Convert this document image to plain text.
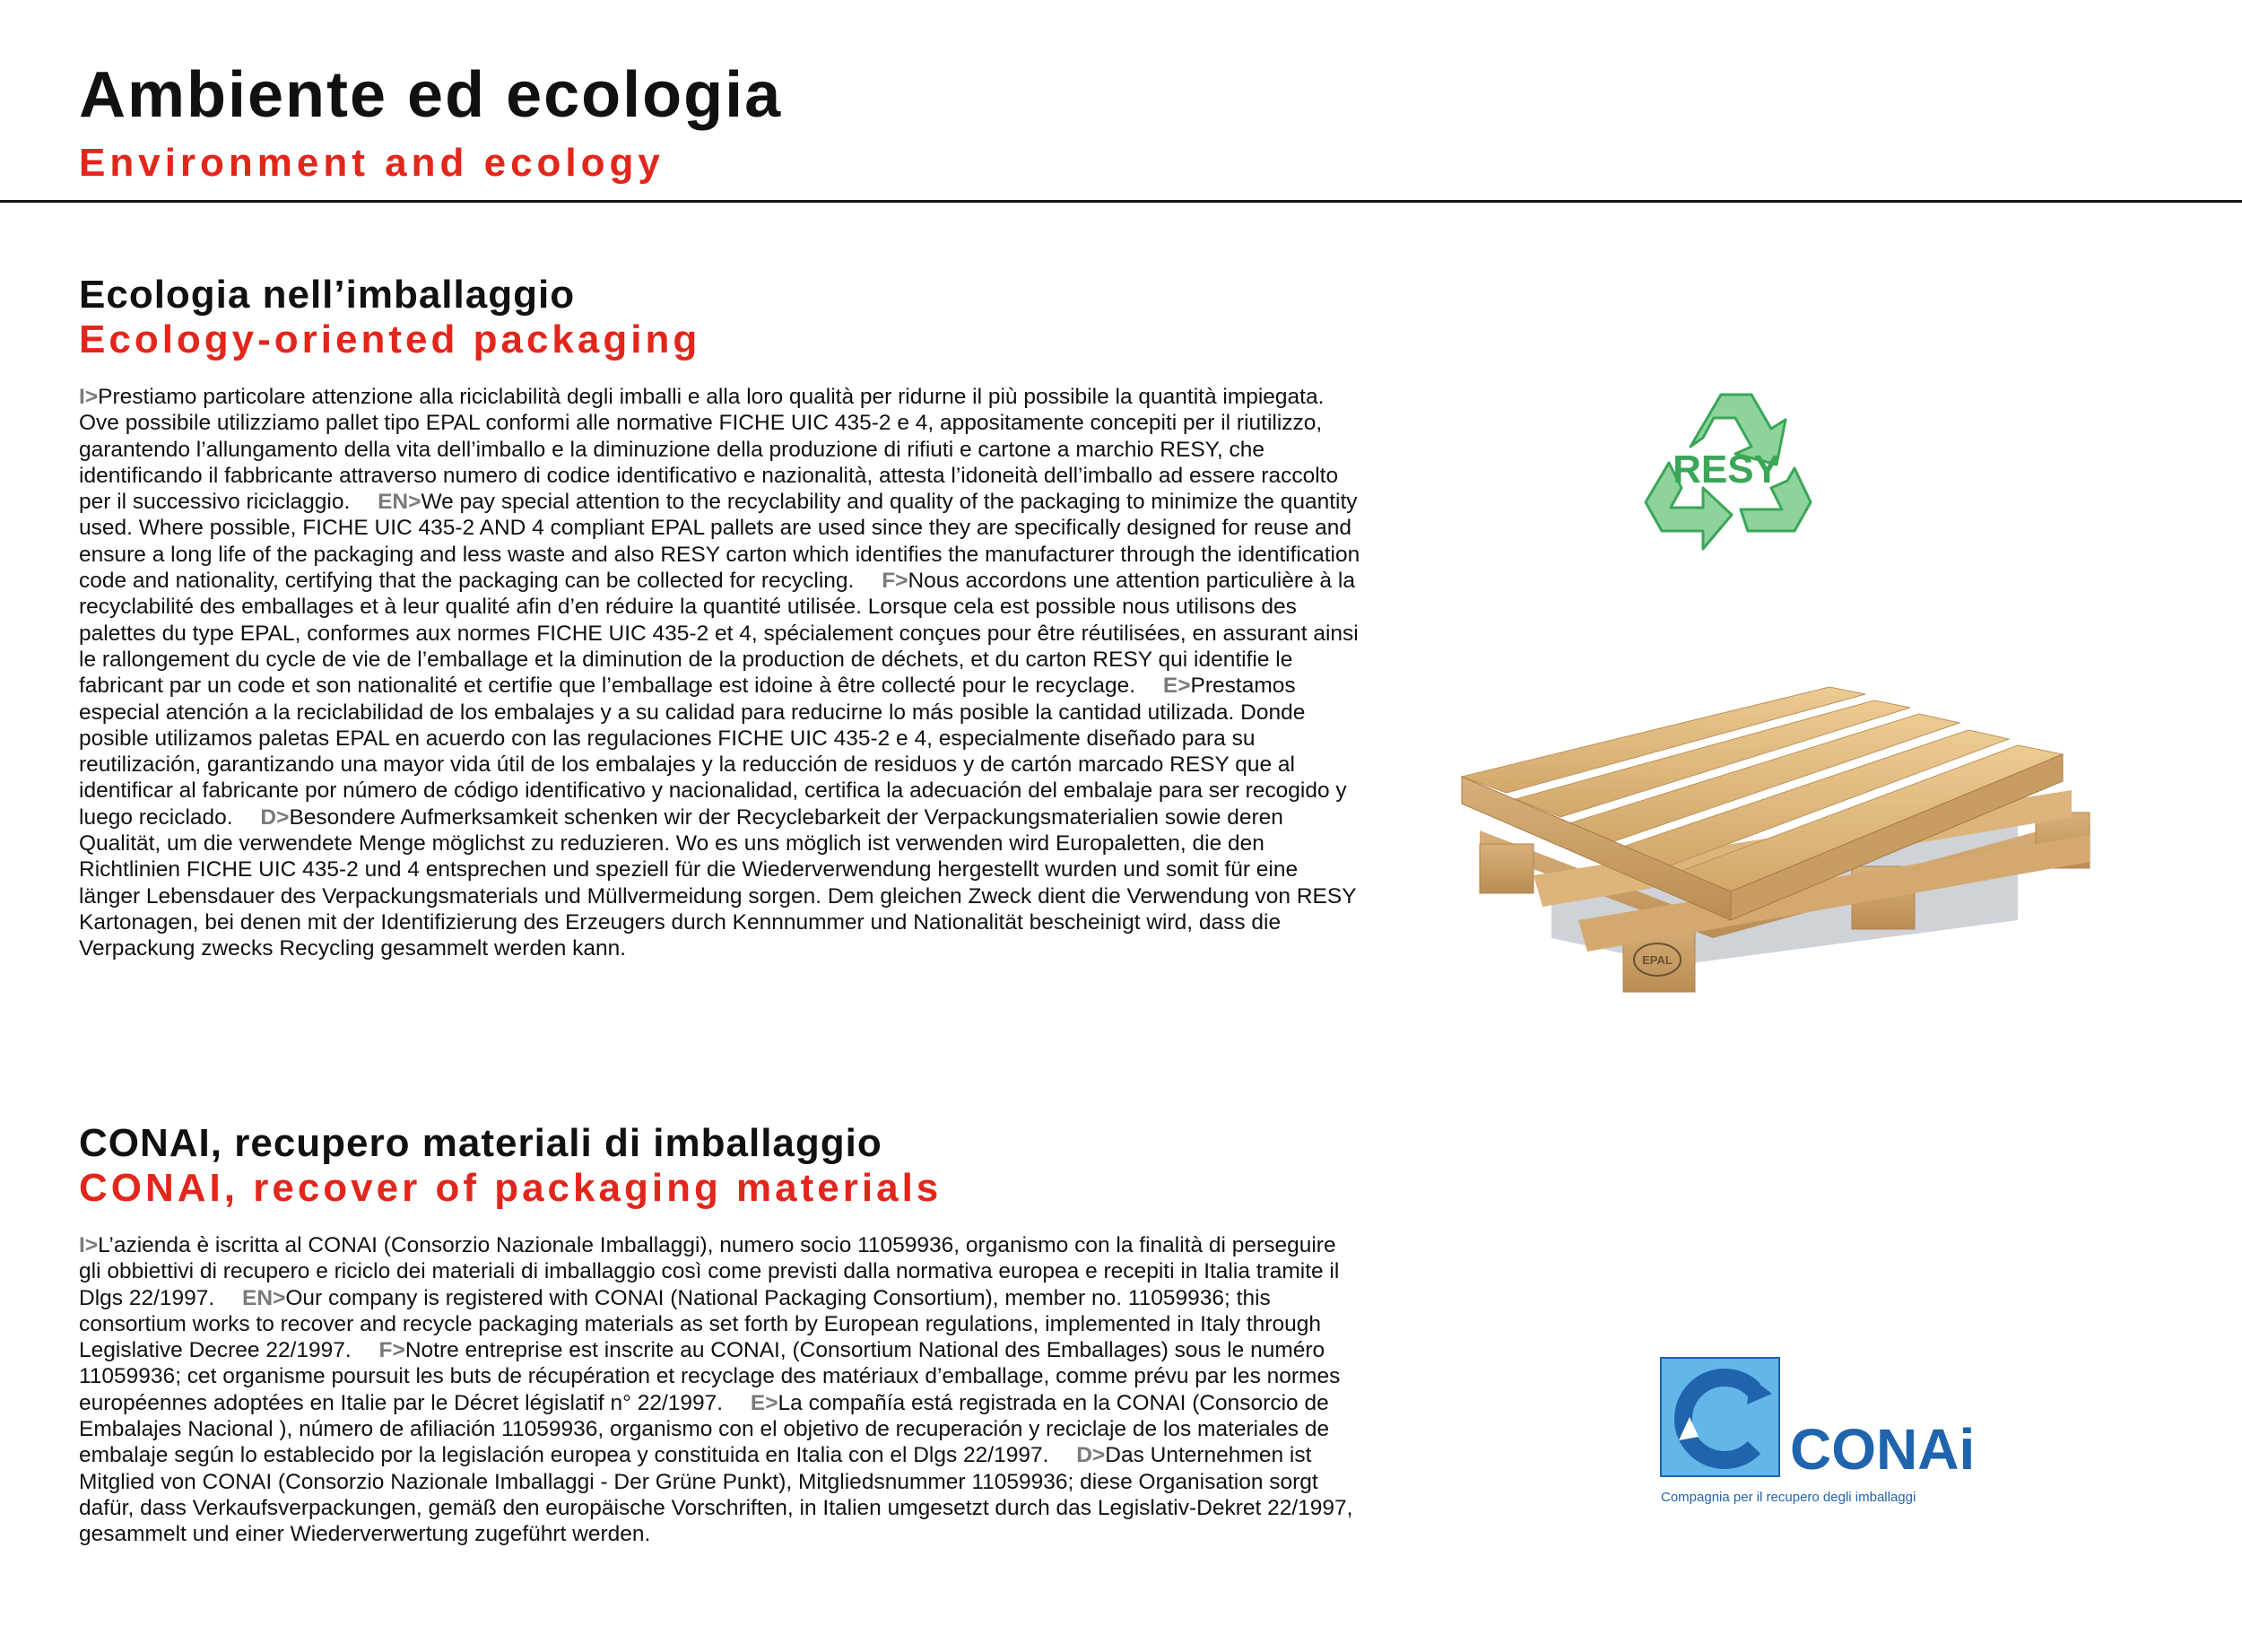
Ambiente ed ecologia
Environment and ecology
Ecologia nell’imballaggio
Ecology-oriented packaging

I>Prestiamo particolare attenzione alla riciclabilità degli imballi e alla loro qualità per ridurne il più possibile la quantità impiegata. Ove possibile utilizziamo pallet tipo EPAL conformi alle normative FICHE UIC 435-2 e 4, appositamente concepiti per il riutilizzo, garantendo l’allungamento della vita dell’imballo e la diminuzione della produzione di rifiuti e cartone a marchio RESY, che identificando il fabbricante attraverso numero di codice identificativo e nazionalità, attesta l’idoneità dell’imballo ad essere raccolto per il successivo riciclaggio. EN>We pay special attention to the recyclability and quality of the packaging to minimize the quantity used. Where possible, FICHE UIC 435-2 AND 4 compliant EPAL pallets are used since they are specifically designed for reuse and ensure a long life of the packaging and less waste and also RESY carton which identifies the manufacturer through the identification code and nationality, certifying that the packaging can be collected for recycling. F>Nous accordons une attention particulière à la recyclabilité des emballages et à leur qualité afin d’en réduire la quantité utilisée. Lorsque cela est possible nous utilisons des palettes du type EPAL, conformes aux normes FICHE UIC 435-2 et 4, spécialement conçues pour être réutilisées, en assurant ainsi le rallongement du cycle de vie de l’emballage et la diminution de la production de déchets, et du carton RESY qui identifie le fabricant par un code et son nationalité et certifie que l’emballage est idoine à être collecté pour le recyclage. E>Prestamos especial atención a la reciclabilidad de los embalajes y a su calidad para reducirne lo más posible la cantidad utilizada. Donde posible utilizamos paletas EPAL en acuerdo con las regulaciones FICHE UIC 435-2 e 4, especialmente diseñado para su reutilización, garantizando una mayor vida útil de los embalajes y la reducción de residuos y de cartón marcado RESY que al identificar al fabricante por número de código identificativo y nacionalidad, certifica la adecuación del embalaje para ser recogido y luego reciclado. D>Besondere Aufmerksamkeit schenken wir der Recyclebarkeit der Verpackungsmaterialien sowie deren Qualität, um die verwendete Menge möglichst zu reduzieren. Wo es uns möglich ist verwenden wird Europaletten, die den Richtlinien FICHE UIC 435-2 und 4 entsprechen und speziell für die Wiederverwendung hergestellt wurden und somit für eine länger Lebensdauer des Verpackungsmaterials und Müllvermeidung sorgen. Dem gleichen Zweck dient die Verwendung von RESY Kartonagen, bei denen mit der Identifizierung des Erzeugers durch Kennnummer und Nationalität bescheinigt wird, dass die Verpackung zwecks Recycling gesammelt werden kann.

CONAI, recupero materiali di imballaggio
CONAI, recover of packaging materials

I>L’azienda è iscritta al CONAI (Consorzio Nazionale Imballaggi), numero socio 11059936, organismo con la finalità di perseguire gli obbiettivi di recupero e riciclo dei materiali di imballaggio così come previsti dalla normativa europea e recepiti in Italia tramite il Dlgs 22/1997. EN>Our company is registered with CONAI (National Packaging Consortium), member no. 11059936; this consortium works to recover and recycle packaging materials as set forth by European regulations, implemented in Italy through Legislative Decree 22/1997. F>Notre entreprise est inscrite au CONAI, (Consortium National des Emballages) sous le numéro 11059936; cet organisme poursuit les buts de récupération et recyclage des matériaux d’emballage, comme prévu par les normes européennes adoptées en Italie par le Décret législatif n° 22/1997. E>La compañía está registrada en la CONAI (Consorcio de Embalajes Nacional ), número de afiliación 11059936, organismo con el objetivo de recuperación y reciclaje de los materiales de embalaje según lo establecido por la legislación europea y constituida en Italia con el Dlgs 22/1997. D>Das Unternehmen ist Mitglied von CONAI (Consorzio Nazionale Imballaggi - Der Grüne Punkt), Mitgliedsnummer 11059936; diese Organisation sorgt dafür, dass Verkaufsverpackungen, gemäß den europäische Vorschriften, in Italien umgesetzt durch das Legislativ-Dekret 22/1997, gesammelt und einer Wiederverwertung zugeführt werden.

RESY
EPAL
CONAi
Compagnia per il recupero degli imballaggi
